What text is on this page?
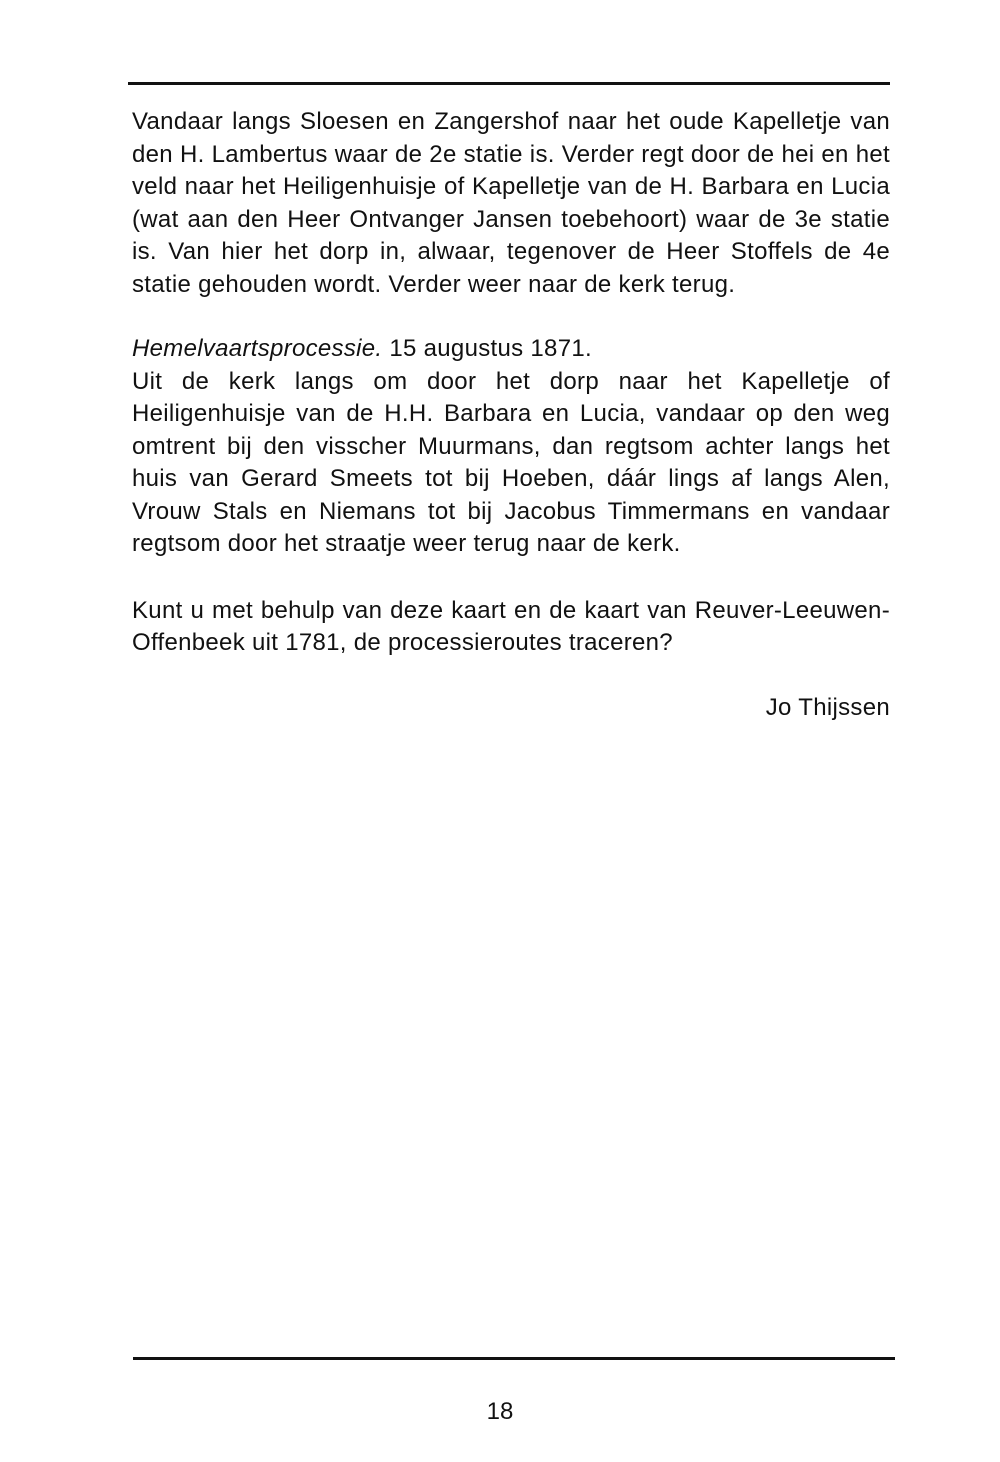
Vandaar langs Sloesen en Zangershof naar het oude Kapelletje van den H. Lambertus waar de 2e statie is. Verder regt door de hei en het veld naar het Heiligenhuisje of Kapelletje van de H. Barbara en Lucia (wat aan den Heer Ontvanger Jansen toebehoort) waar de 3e statie is. Van hier het dorp in, alwaar, tegenover de Heer Stoffels de 4e statie gehouden wordt. Verder weer naar de kerk terug.

Hemelvaartsprocessie. 15 augustus 1871.
Uit de kerk langs om door het dorp naar het Kapelletje of Heiligenhuisje van de H.H. Barbara en Lucia, vandaar op den weg omtrent bij den visscher Muurmans, dan regtsom achter langs het huis van Gerard Smeets tot bij Hoeben, dáár lings af langs Alen, Vrouw Stals en Niemans tot bij Jacobus Timmermans en vandaar regtsom door het straatje weer terug naar de kerk.

Kunt u met behulp van deze kaart en de kaart van Reuver-Leeuwen-Offenbeek uit 1781, de processieroutes traceren?

Jo Thijssen

18
